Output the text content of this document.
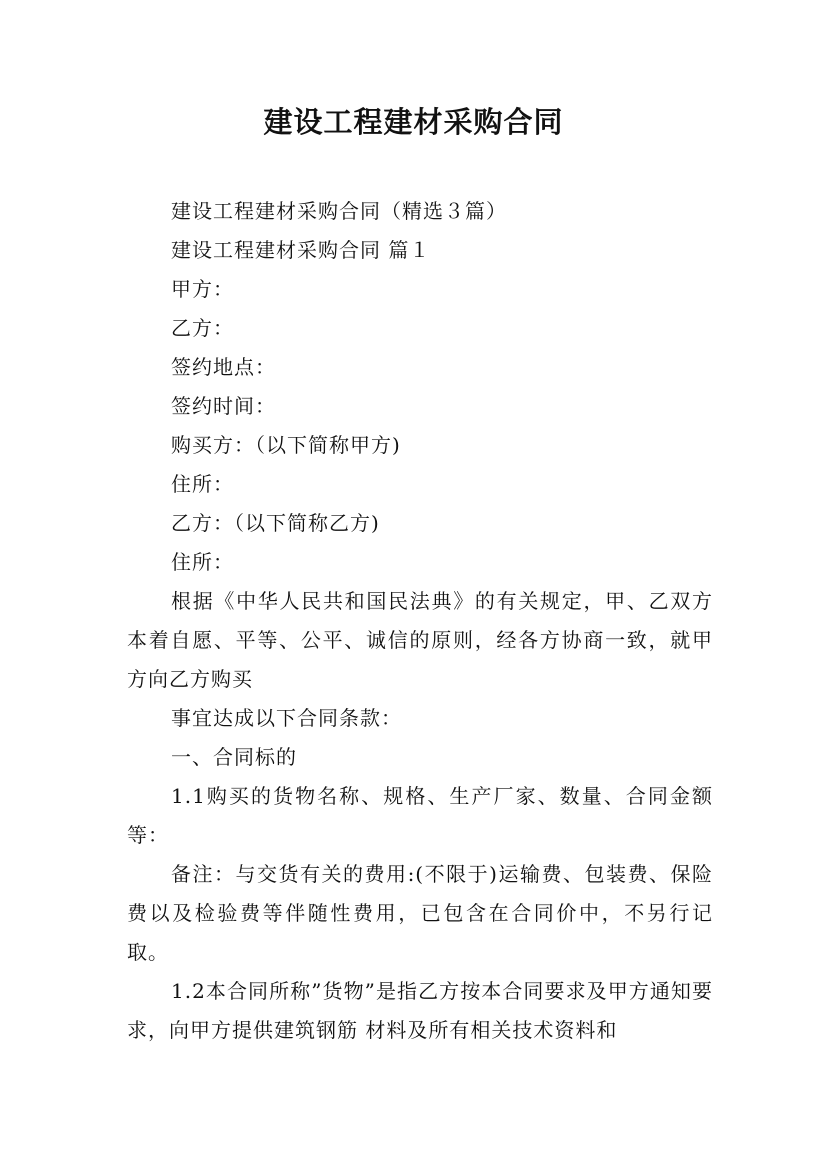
建设工程建材采购合同

建设工程建材采购合同（精选３篇）

建设工程建材采购合同 篇１

甲方：

乙方：

签约地点：

签约时间：

购买方：（以下简称甲方)

住所：

乙方：（以下简称乙方)

住所：

根据《中华人民共和国民法典》的有关规定，甲、乙双方本着自愿、平等、公平、诚信的原则，经各方协商一致，就甲方向乙方购买

事宜达成以下合同条款：

一、合同标的

1.1购买的货物名称、规格、生产厂家、数量、合同金额等：

备注：与交货有关的费用:(不限于)运输费、包装费、保险费以及检验费等伴随性费用，已包含在合同价中，不另行记取。

1.2本合同所称”货物”是指乙方按本合同要求及甲方通知要求，向甲方提供建筑钢筋 材料及所有相关技术资料和
